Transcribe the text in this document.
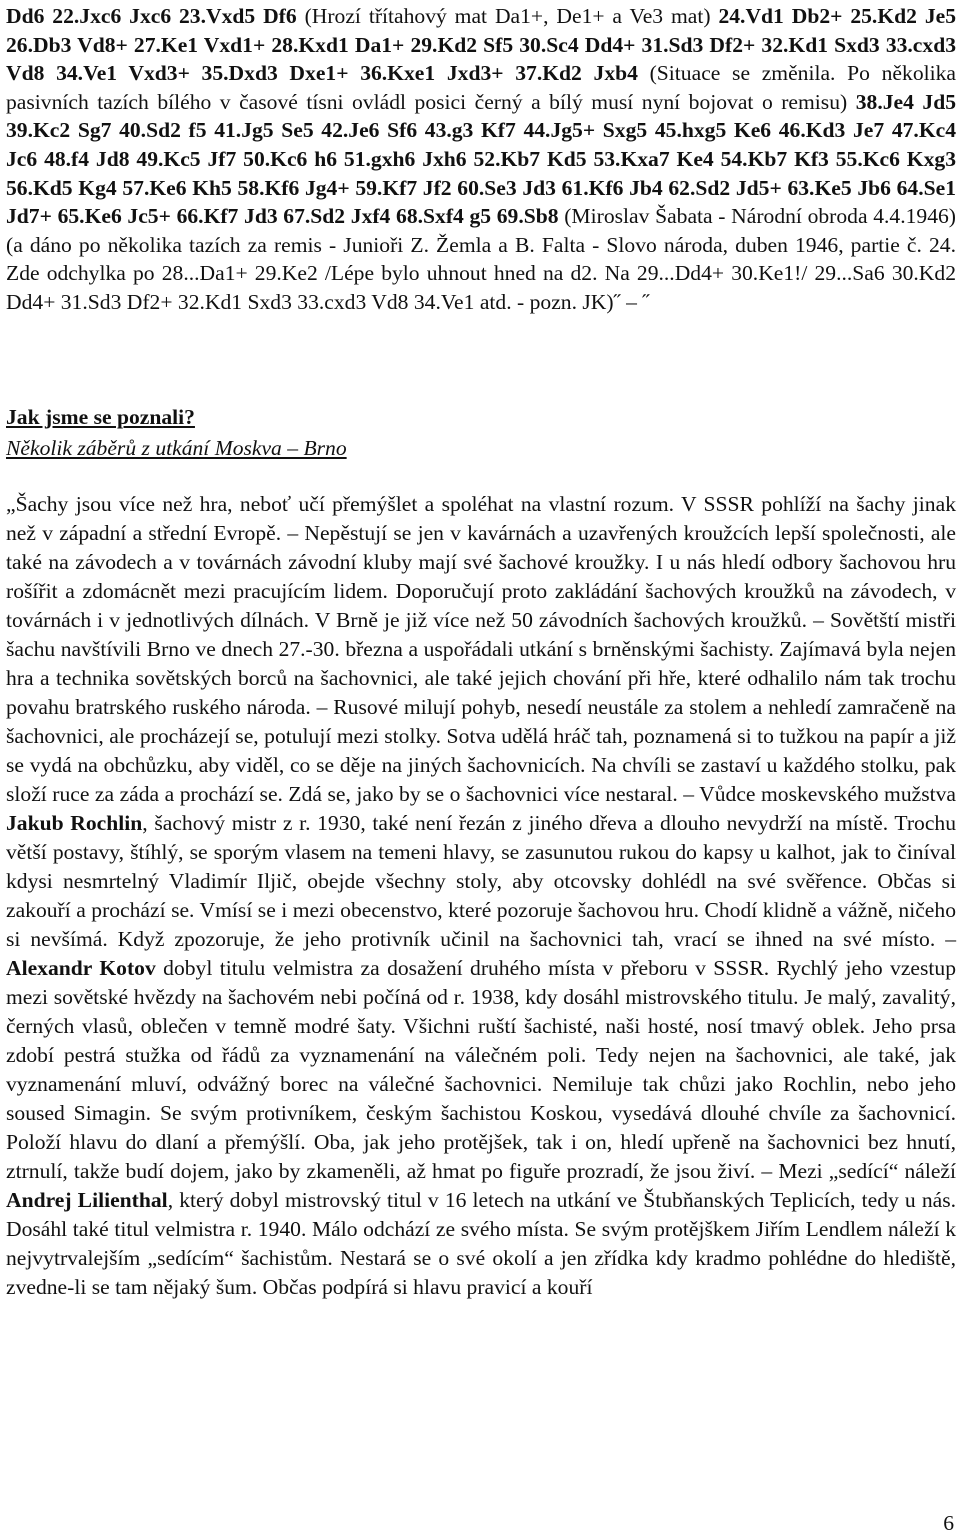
Dd6 22.Jxc6 Jxc6 23.Vxd5 Df6 (Hrozí třítahový mat Da1+, De1+ a Ve3 mat) 24.Vd1 Db2+ 25.Kd2 Je5 26.Db3 Vd8+ 27.Ke1 Vxd1+ 28.Kxd1 Da1+ 29.Kd2 Sf5 30.Sc4 Dd4+ 31.Sd3 Df2+ 32.Kd1 Sxd3 33.cxd3 Vd8 34.Ve1 Vxd3+ 35.Dxd3 Dxe1+ 36.Kxe1 Jxd3+ 37.Kd2 Jxb4 (Situace se změnila. Po několika pasivních tazích bílého v časové tísni ovládl posici černý a bílý musí nyní bojovat o remisu) 38.Je4 Jd5 39.Kc2 Sg7 40.Sd2 f5 41.Jg5 Se5 42.Je6 Sf6 43.g3 Kf7 44.Jg5+ Sxg5 45.hxg5 Ke6 46.Kd3 Je7 47.Kc4 Jc6 48.f4 Jd8 49.Kc5 Jf7 50.Kc6 h6 51.gxh6 Jxh6 52.Kb7 Kd5 53.Kxa7 Ke4 54.Kb7 Kf3 55.Kc6 Kxg3 56.Kd5 Kg4 57.Ke6 Kh5 58.Kf6 Jg4+ 59.Kf7 Jf2 60.Se3 Jd3 61.Kf6 Jb4 62.Sd2 Jd5+ 63.Ke5 Jb6 64.Se1 Jd7+ 65.Ke6 Jc5+ 66.Kf7 Jd3 67.Sd2 Jxf4 68.Sxf4 g5 69.Sb8 (Miroslav Šabata - Národní obroda 4.4.1946) (a dáno po několika tazích za remis - Junioři Z. Žemla a B. Falta - Slovo národa, duben 1946, partie č. 24. Zde odchylka po 28...Da1+ 29.Ke2 /Lépe bylo uhnout hned na d2. Na 29...Dd4+ 30.Ke1!/ 29...Sa6 30.Kd2 Dd4+ 31.Sd3 Df2+ 32.Kd1 Sxd3 33.cxd3 Vd8 34.Ve1 atd. - pozn. JK)˝ – ˝

Jak jsme se poznali?

Několik záběrů z utkání Moskva – Brno

„Šachy jsou více než hra, neboť učí přemýšlet a spoléhat na vlastní rozum. V SSSR pohlíží na šachy jinak než v západní a střední Evropě. – Nepěstují se jen v kavárnách a uzavřených kroužcích lepší společnosti, ale také na závodech a v továrnách závodní kluby mají své šachové kroužky. I u nás hledí odbory šachovou hru rošířit a zdomácnět mezi pracujícím lidem. Doporučují proto zakládání šachových kroužků na závodech, v továrnách i v jednotlivých dílnách. V Brně je již více než 50 závodních šachových kroužků. – Sovětští mistři šachu navštívili Brno ve dnech 27.-30. března a uspořádali utkání s brněnskými šachisty. Zajímavá byla nejen hra a technika sovětských borců na šachovnici, ale také jejich chování při hře, které odhalilo nám tak trochu povahu bratrského ruského národa. – Rusové milují pohyb, nesedí neustále za stolem a nehledí zamračeně na šachovnici, ale procházejí se, potulují mezi stolky. Sotva udělá hráč tah, poznamená si to tužkou na papír a již se vydá na obchůzku, aby viděl, co se děje na jiných šachovnicích. Na chvíli se zastaví u každého stolku, pak složí ruce za záda a prochází se. Zdá se, jako by se o šachovnici více nestaral. – Vůdce moskevského mužstva Jakub Rochlin, šachový mistr z r. 1930, také není řezán z jiného dřeva a dlouho nevydrží na místě. Trochu větší postavy, štíhlý, se sporým vlasem na temeni hlavy, se zasunutou rukou do kapsy u kalhot, jak to činíval kdysi nesmrtelný Vladimír Iljič, obejde všechny stoly, aby otcovsky dohlédl na své svěřence. Občas si zakouří a prochází se. Vmísí se i mezi obecenstvo, které pozoruje šachovou hru. Chodí klidně a vážně, ničeho si nevšímá. Když zpozoruje, že jeho protivník učinil na šachovnici tah, vrací se ihned na své místo. – Alexandr Kotov dobyl titulu velmistra za dosažení druhého místa v přeboru v SSSR. Rychlý jeho vzestup mezi sovětské hvězdy na šachovém nebi počíná od r. 1938, kdy dosáhl mistrovského titulu. Je malý, zavalitý, černých vlasů, oblečen v temně modré šaty. Všichni ruští šachisté, naši hosté, nosí tmavý oblek. Jeho prsa zdobí pestrá stužka od řádů za vyznamenání na válečném poli. Tedy nejen na šachovnici, ale také, jak vyznamenání mluví, odvážný borec na válečné šachovnici. Nemiluje tak chůzi jako Rochlin, nebo jeho soused Simagin. Se svým protivníkem, českým šachistou Koskou, vysedává dlouhé chvíle za šachovnicí. Položí hlavu do dlaní a přemýšlí. Oba, jak jeho protějšek, tak i on, hledí upřeně na šachovnici bez hnutí, ztrnulí, takže budí dojem, jako by zkameněli, až hmat po figuře prozradí, že jsou živí. – Mezi „sedící“ náleží Andrej Lilienthal, který dobyl mistrovský titul v 16 letech na utkání ve Štubňanských Teplicích, tedy u nás. Dosáhl také titul velmistra r. 1940. Málo odchází ze svého místa. Se svým protějškem Jiřím Lendlem náleží k nejvytrvalejším „sedícím“ šachistům. Nestará se o své okolí a jen zřídka kdy kradmo pohlédne do hlediště, zvedne-li se tam nějaký šum. Občas podpírá si hlavu pravicí a kouří

6
